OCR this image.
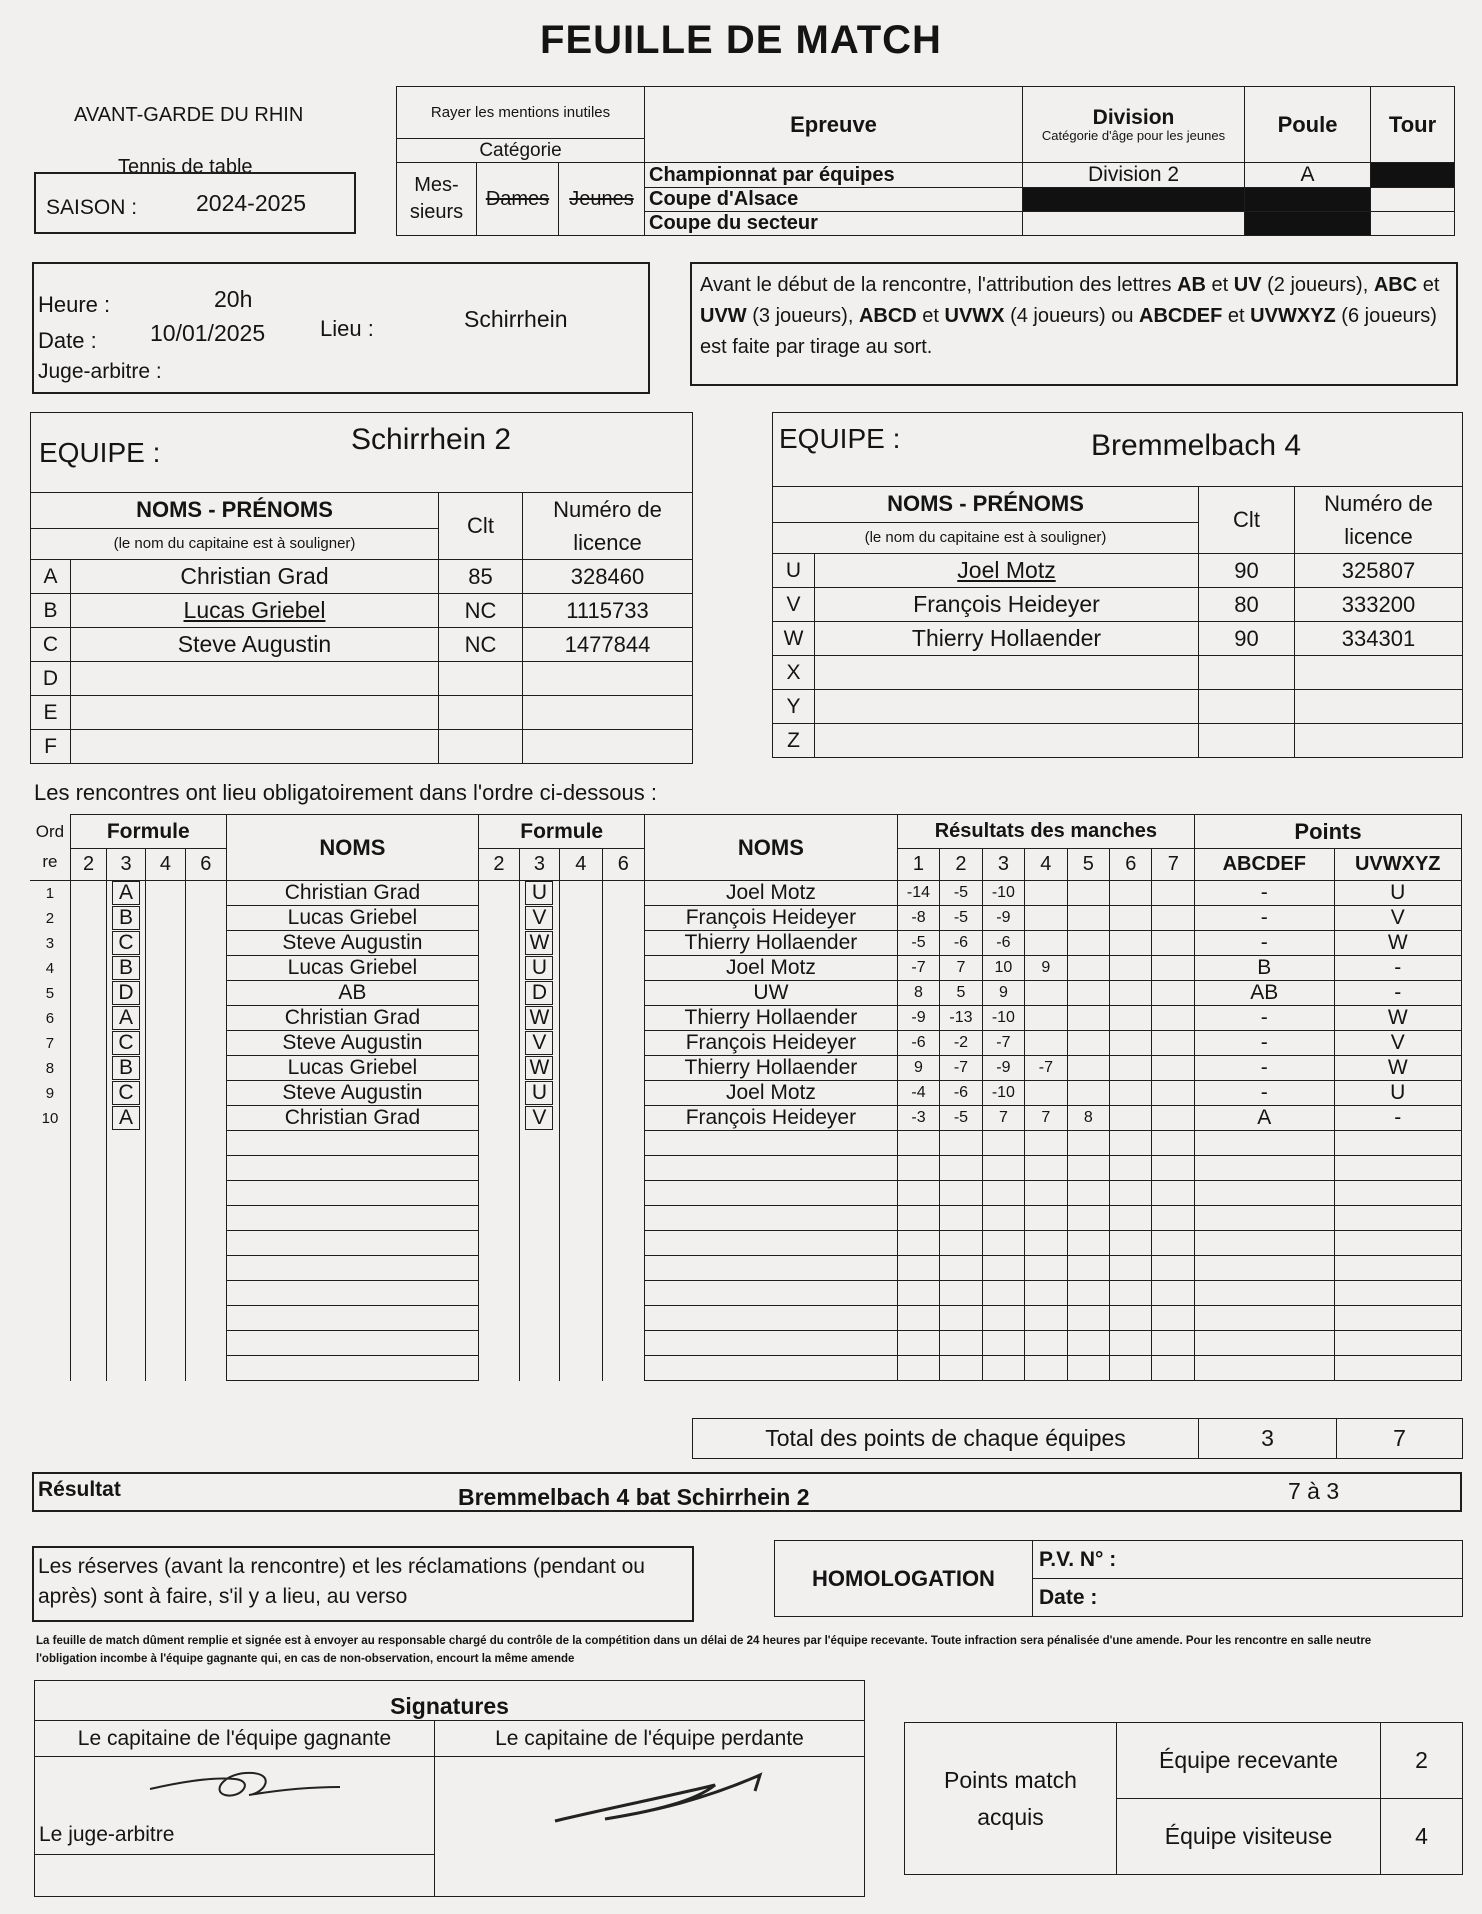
FEUILLE DE MATCH
AVANT-GARDE DU RHIN
Tennis de table
SAISON :	2024-2025
Rayer les mentions inutiles			Epreuve	Division
Catégorie d'âge pour les jeunes	Poule	Tour
Catégorie						
Mes-sieurs	Dames	Jeunes	Championnat par équipes	Division 2	A	
			Coupe d'Alsace			
			Coupe du secteur			
Heure :	20h
Date : 10/01/2025 Lieu :	Schirrhein
Juge-arbitre :
Avant le début de la rencontre, l'attribution des lettres AB et UV (2 joueurs), ABC et UVW (3 joueurs), ABCD et UVWX (4 joueurs) ou ABCDEF et UVWXYZ (6 joueurs) est faite par tirage au sort.
EQUIPE : Schirrhein 2			

NOMS - PRÉNOMS		Clt	Numéro de licence
(le nom du capitaine est à souligner)			
A	Christian Grad	85	328460
B	Lucas Griebel	NC	1115733
C	Steve Augustin	NC	1477844
D			
E			
F			
EQUIPE : Bremmelbach 4			

NOMS - PRÉNOMS		Clt	Numéro de licence
(le nom du capitaine est à souligner)			
U	Joel Motz	90	325807
V	François Heideyer	80	333200
W	Thierry Hollaender	90	334301
X			
Y			
Z			
Les rencontres ont lieu obligatoirement dans l'ordre ci-dessous :
Ord
re	Formule				NOMS	Formule				NOMS	Résultats des manches							Points	
	2	3	4	6		2	3	4	6		1	2	3	4	5	6	7	ABCDEF	UVWXYZ
1		A			Christian Grad		U			Joel Motz	-14	-5	-10					-	U
2		B			Lucas Griebel		V			François Heideyer	-8	-5	-9					-	V
3		C			Steve Augustin		W			Thierry Hollaender	-5	-6	-6					-	W
4		B			Lucas Griebel		U			Joel Motz	-7	7	10	9				B	-
5		D			AB		D			UW	8	5	9					AB	-
6		A			Christian Grad		W			Thierry Hollaender	-9	-13	-10					-	W
7		C			Steve Augustin		V			François Heideyer	-6	-2	-7					-	V
8		B			Lucas Griebel		W			Thierry Hollaender	9	-7	-9	-7				-	W
9		C			Steve Augustin		U			Joel Motz	-4	-6	-10					-	U
10		A			Christian Grad		V			François Heideyer	-3	-5	7	7	8			A	-

Total des points de chaque équipes	3	7
Résultat	Bremmelbach 4 bat Schirrhein 2	7 à 3
Les réserves (avant la rencontre) et les réclamations (pendant ou après) sont à faire, s'il y a lieu, au verso
HOMOLOGATION	P.V. N° :
Date :
La feuille de match dûment remplie et signée est à envoyer au responsable chargé du contrôle de la compétition dans un délai de 24 heures par l'équipe recevante. Toute infraction sera pénalisée d'une amende. Pour les rencontre en salle neutre l'obligation incombe à l'équipe gagnante qui, en cas de non-observation, encourt la même amende
Signatures	
Le capitaine de l'équipe gagnante	Le capitaine de l'équipe perdante

Le juge-arbitre

Points match acquis	Équipe recevante	2
	Équipe visiteuse	4
